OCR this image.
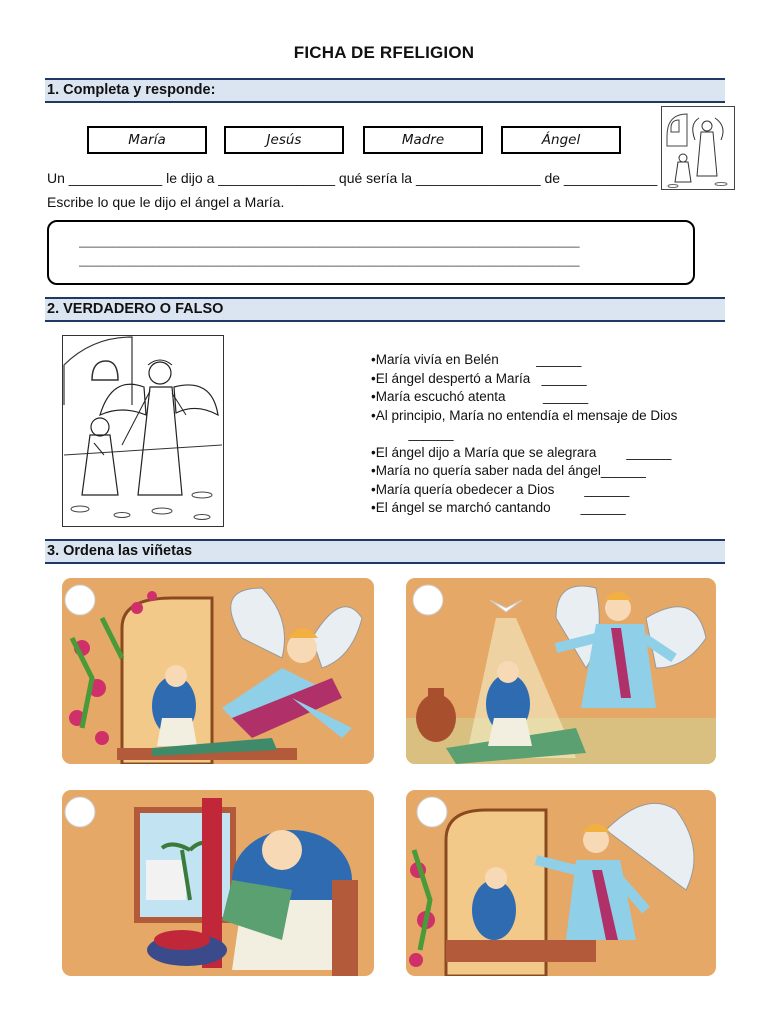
FICHA DE RFELIGION
1. Completa y responde:
María	Jesús	Madre	Ángel
Un ____________ le dijo a _______________ qué sería la ________________ de ____________
Escribe lo que le dijo el ángel a María.
___________________________________________________________________________
___________________________________________________________________________
2. VERDADERO O FALSO
•María vivía en Belén          ______
•El ángel despertó a María   ______
•María escuchó atenta          ______
•Al principio, María no entendía el mensaje de Dios
______
•El ángel dijo a María que se alegrara        ______
•María no quería saber nada del ángel______
•María quería obedecer a Dios        ______
•El ángel se marchó cantando        ______
3. Ordena las viñetas
